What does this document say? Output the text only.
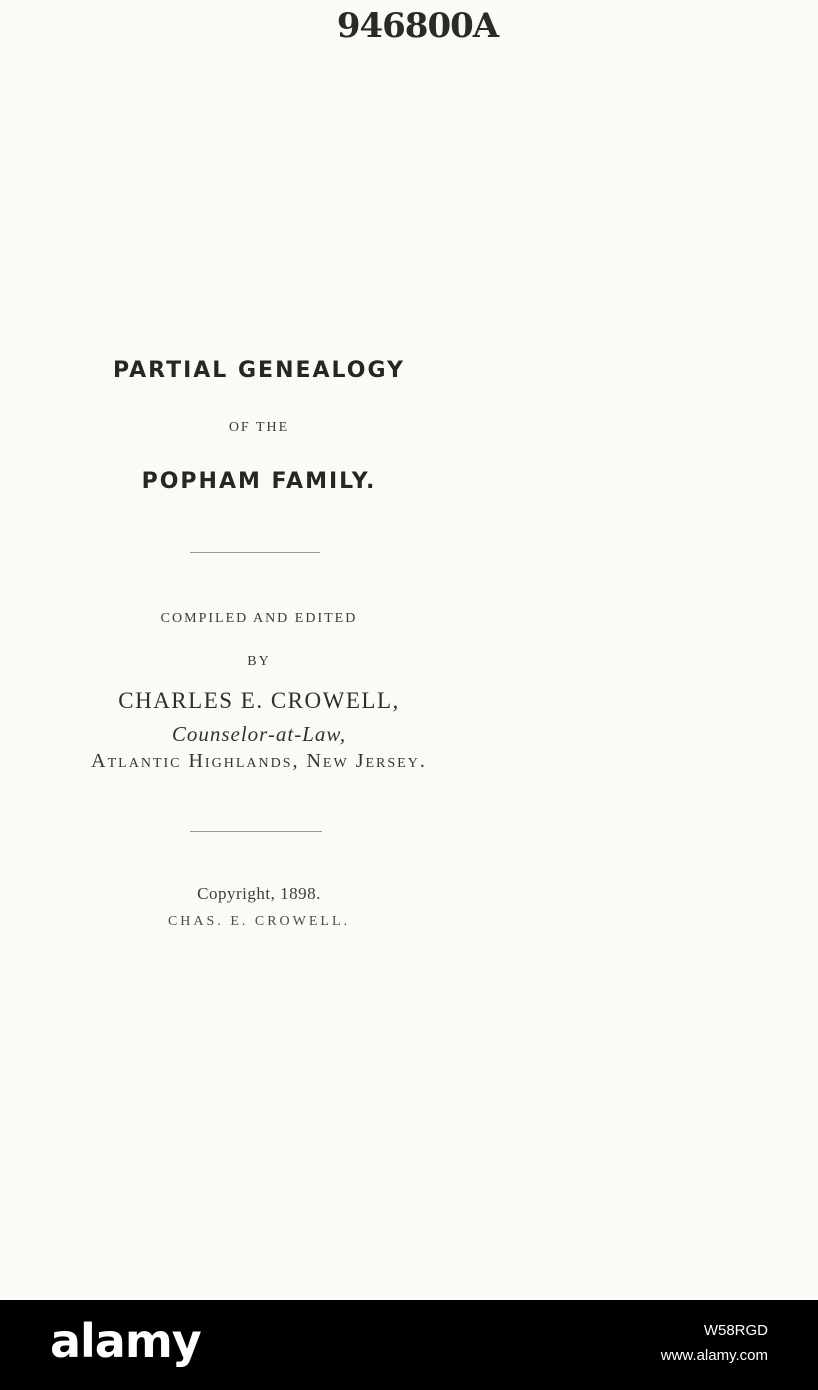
946800A
PARTIAL GENEALOGY
OF THE
POPHAM FAMILY.
COMPILED AND EDITED
BY
CHARLES E. CROWELL,
Counselor-at-Law,
Atlantic Highlands, New Jersey.
Copyright, 1898.
CHAS. E. CROWELL.
alamy	W58RGD
www.alamy.com
